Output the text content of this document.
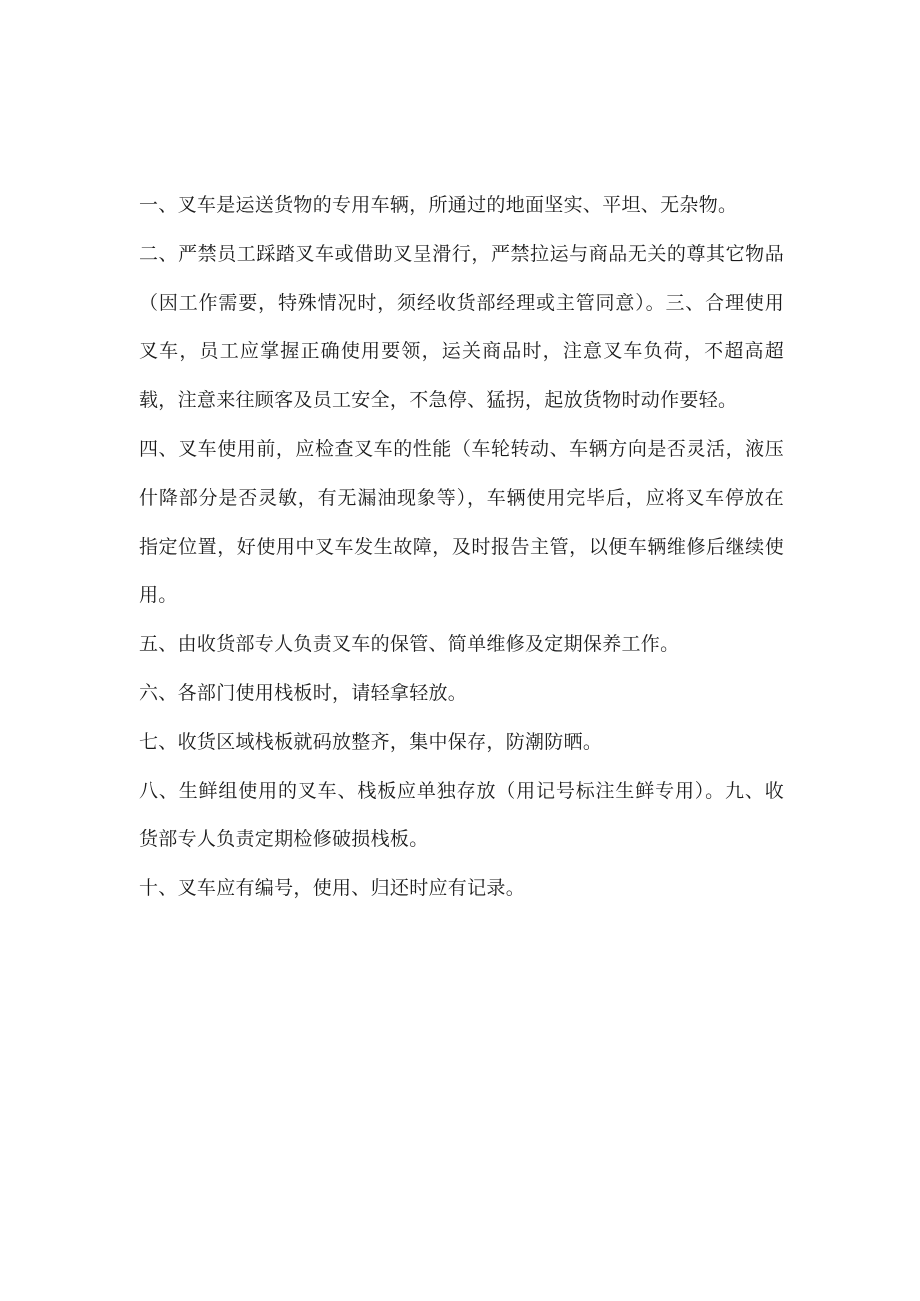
一、叉车是运送货物的专用车辆，所通过的地面坚实、平坦、无杂物。

二、严禁员工踩踏叉车或借助叉呈滑行，严禁拉运与商品无关的尊其它物品（因工作需要，特殊情况时，须经收货部经理或主管同意）。三、合理使用叉车，员工应掌握正确使用要领，运关商品时，注意叉车负荷，不超高超载，注意来往顾客及员工安全，不急停、猛拐，起放货物时动作要轻。

四、叉车使用前，应检查叉车的性能（车轮转动、车辆方向是否灵活，液压什降部分是否灵敏，有无漏油现象等），车辆使用完毕后，应将叉车停放在指定位置，好使用中叉车发生故障，及时报告主管，以便车辆维修后继续使用。

五、由收货部专人负责叉车的保管、简单维修及定期保养工作。

六、各部门使用栈板时，请轻拿轻放。

七、收货区域栈板就码放整齐，集中保存，防潮防晒。

八、生鲜组使用的叉车、栈板应单独存放（用记号标注生鲜专用）。九、收货部专人负责定期检修破损栈板。

十、叉车应有编号，使用、归还时应有记录。
